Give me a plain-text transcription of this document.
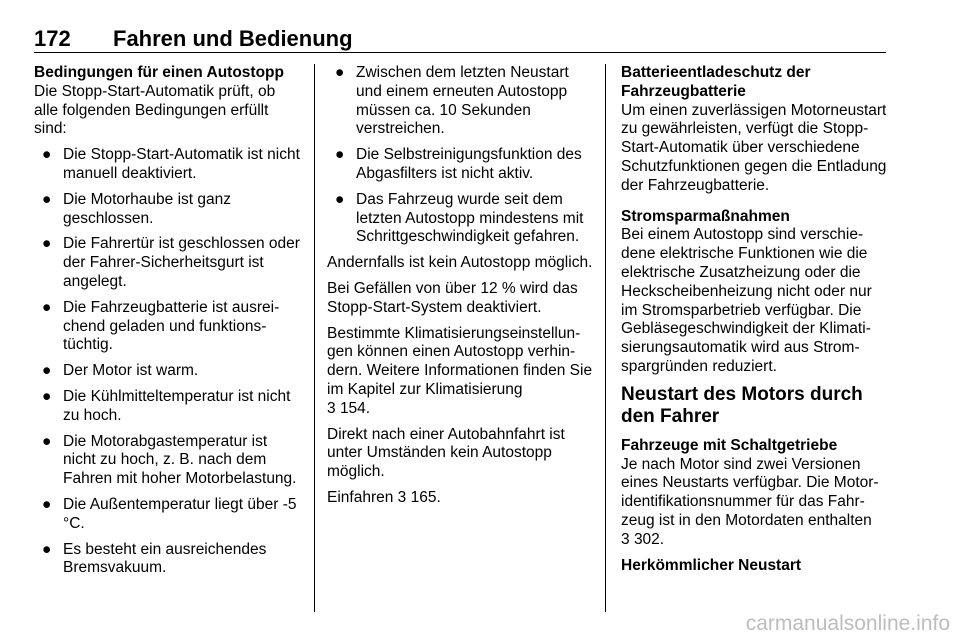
172 Fahren und Bedienung

Bedingungen für einen Autostopp

Die Stopp-Start-Automatik prüft, ob alle folgenden Bedingungen erfüllt sind:

● Die Stopp-Start-Automatik ist nicht manuell deaktiviert.
● Die Motorhaube ist ganz geschlossen.
● Die Fahrertür ist geschlossen oder der Fahrer-Sicherheitsgurt ist angelegt.
● Die Fahrzeugbatterie ist ausreichend geladen und funktionstüchtig.
● Der Motor ist warm.
● Die Kühlmitteltemperatur ist nicht zu hoch.
● Die Motorabgastemperatur ist nicht zu hoch, z. B. nach dem Fahren mit hoher Motorbelastung.
● Die Außentemperatur liegt über -5 °C.
● Es besteht ein ausreichendes Bremsvakuum.
● Zwischen dem letzten Neustart und einem erneuten Autostopp müssen ca. 10 Sekunden verstreichen.
● Die Selbstreinigungsfunktion des Abgasfilters ist nicht aktiv.
● Das Fahrzeug wurde seit dem letzten Autostopp mindestens mit Schrittgeschwindigkeit gefahren.

Andernfalls ist kein Autostopp möglich.

Bei Gefällen von über 12 % wird das Stopp-Start-System deaktiviert.

Bestimmte Klimatisierungseinstellungen können einen Autostopp verhindern. Weitere Informationen finden Sie im Kapitel zur Klimatisierung
3 154.

Direkt nach einer Autobahnfahrt ist unter Umständen kein Autostopp möglich.

Einfahren 3 165.

Batterieentladeschutz der Fahrzeugbatterie

Um einen zuverlässigen Motorneustart zu gewährleisten, verfügt die Stopp-Start-Automatik über verschiedene Schutzfunktionen gegen die Entladung der Fahrzeugbatterie.

Stromsparmaßnahmen

Bei einem Autostopp sind verschiedene elektrische Funktionen wie die elektrische Zusatzheizung oder die Heckscheibenheizung nicht oder nur im Stromsparbetrieb verfügbar. Die Gebläsegeschwindigkeit der Klimatisierungsautomatik wird aus Stromspargründen reduziert.

Neustart des Motors durch den Fahrer

Fahrzeuge mit Schaltgetriebe

Je nach Motor sind zwei Versionen eines Neustarts verfügbar. Die Motoridentifikationsnummer für das Fahrzeug ist in den Motordaten enthalten
3 302.

Herkömmlicher Neustart

carmanualsonline.info
